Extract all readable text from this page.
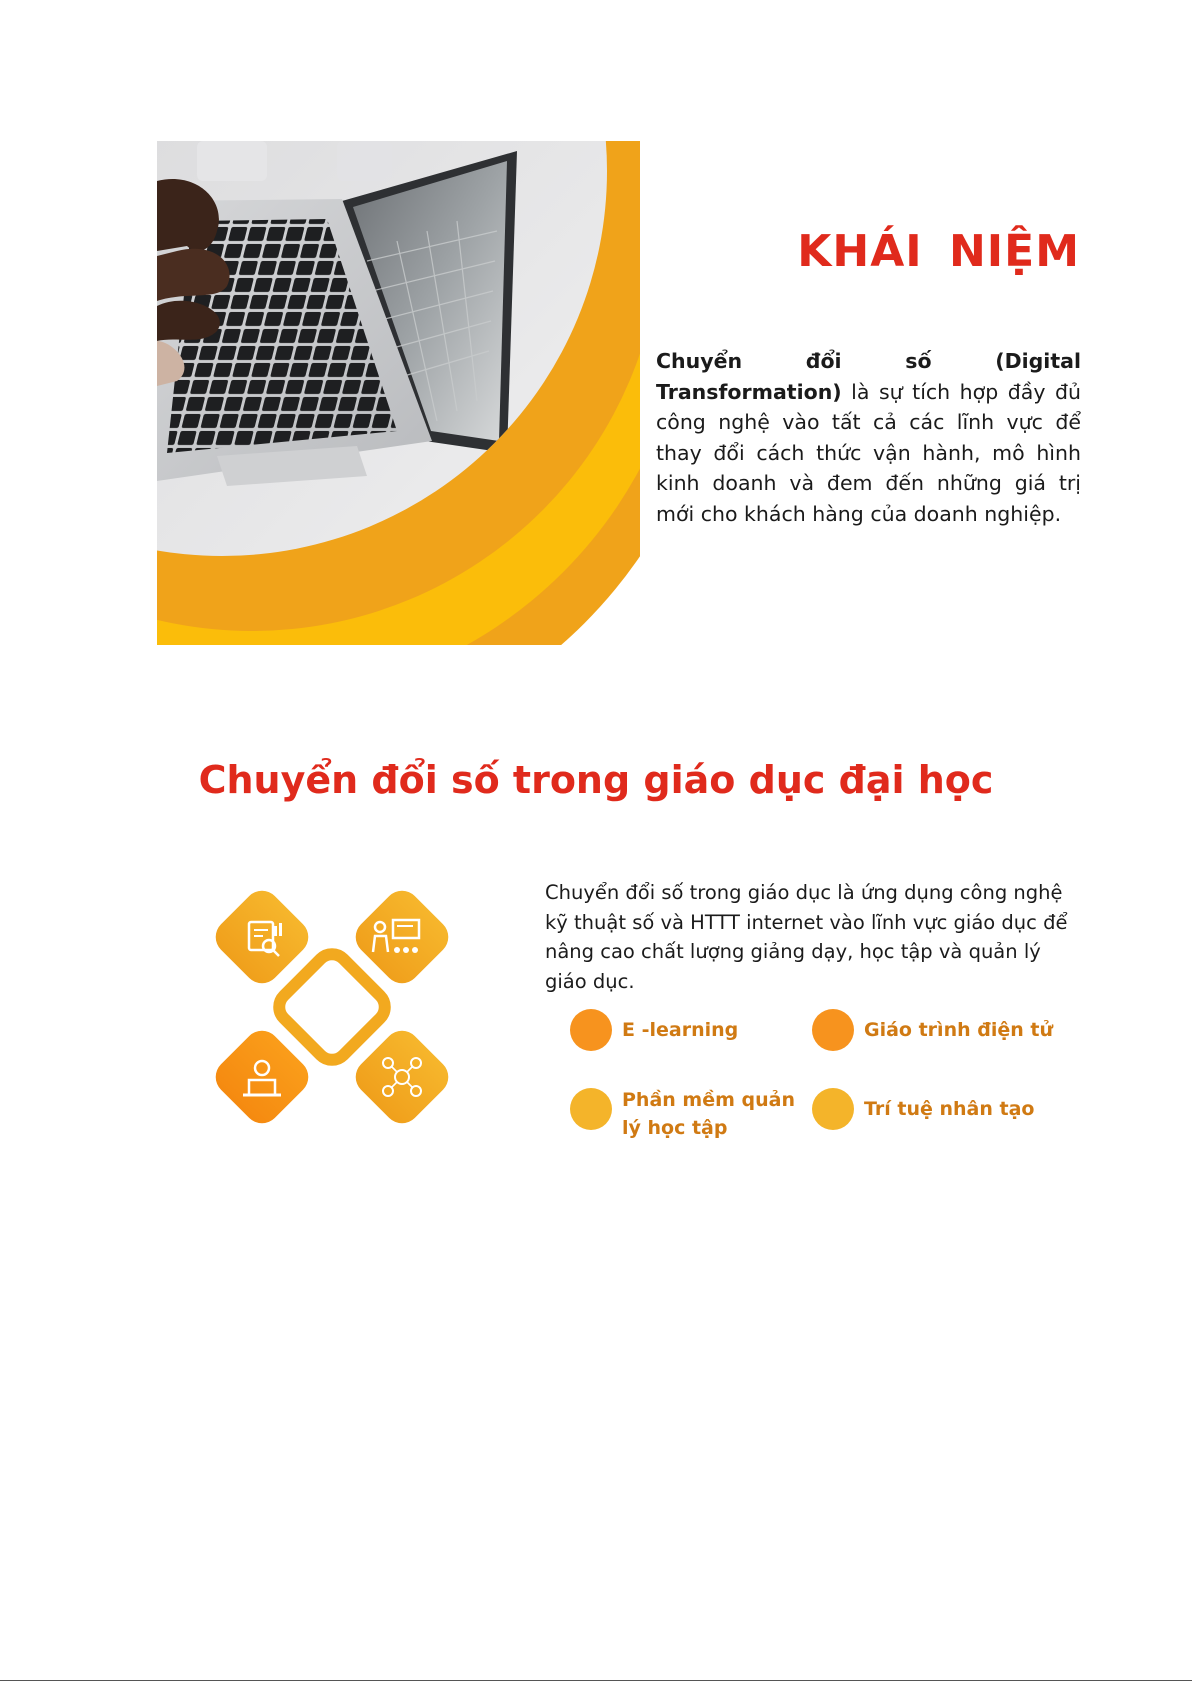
KHÁI NIỆM

Chuyển đổi số (Digital Transformation) là sự tích hợp đầy đủ công nghệ vào tất cả các lĩnh vực để thay đổi cách thức vận hành, mô hình kinh doanh và đem đến những giá trị mới cho khách hàng của doanh nghiệp.

Chuyển đổi số trong giáo dục đại học

Chuyển đổi số trong giáo dục là ứng dụng công nghệ kỹ thuật số và HTTT internet vào lĩnh vực giáo dục để nâng cao chất lượng giảng dạy, học tập và quản lý giáo dục.

E -learning	Giáo trình điện tử
Phần mềm quản lý học tập
Trí tuệ nhân tạo
